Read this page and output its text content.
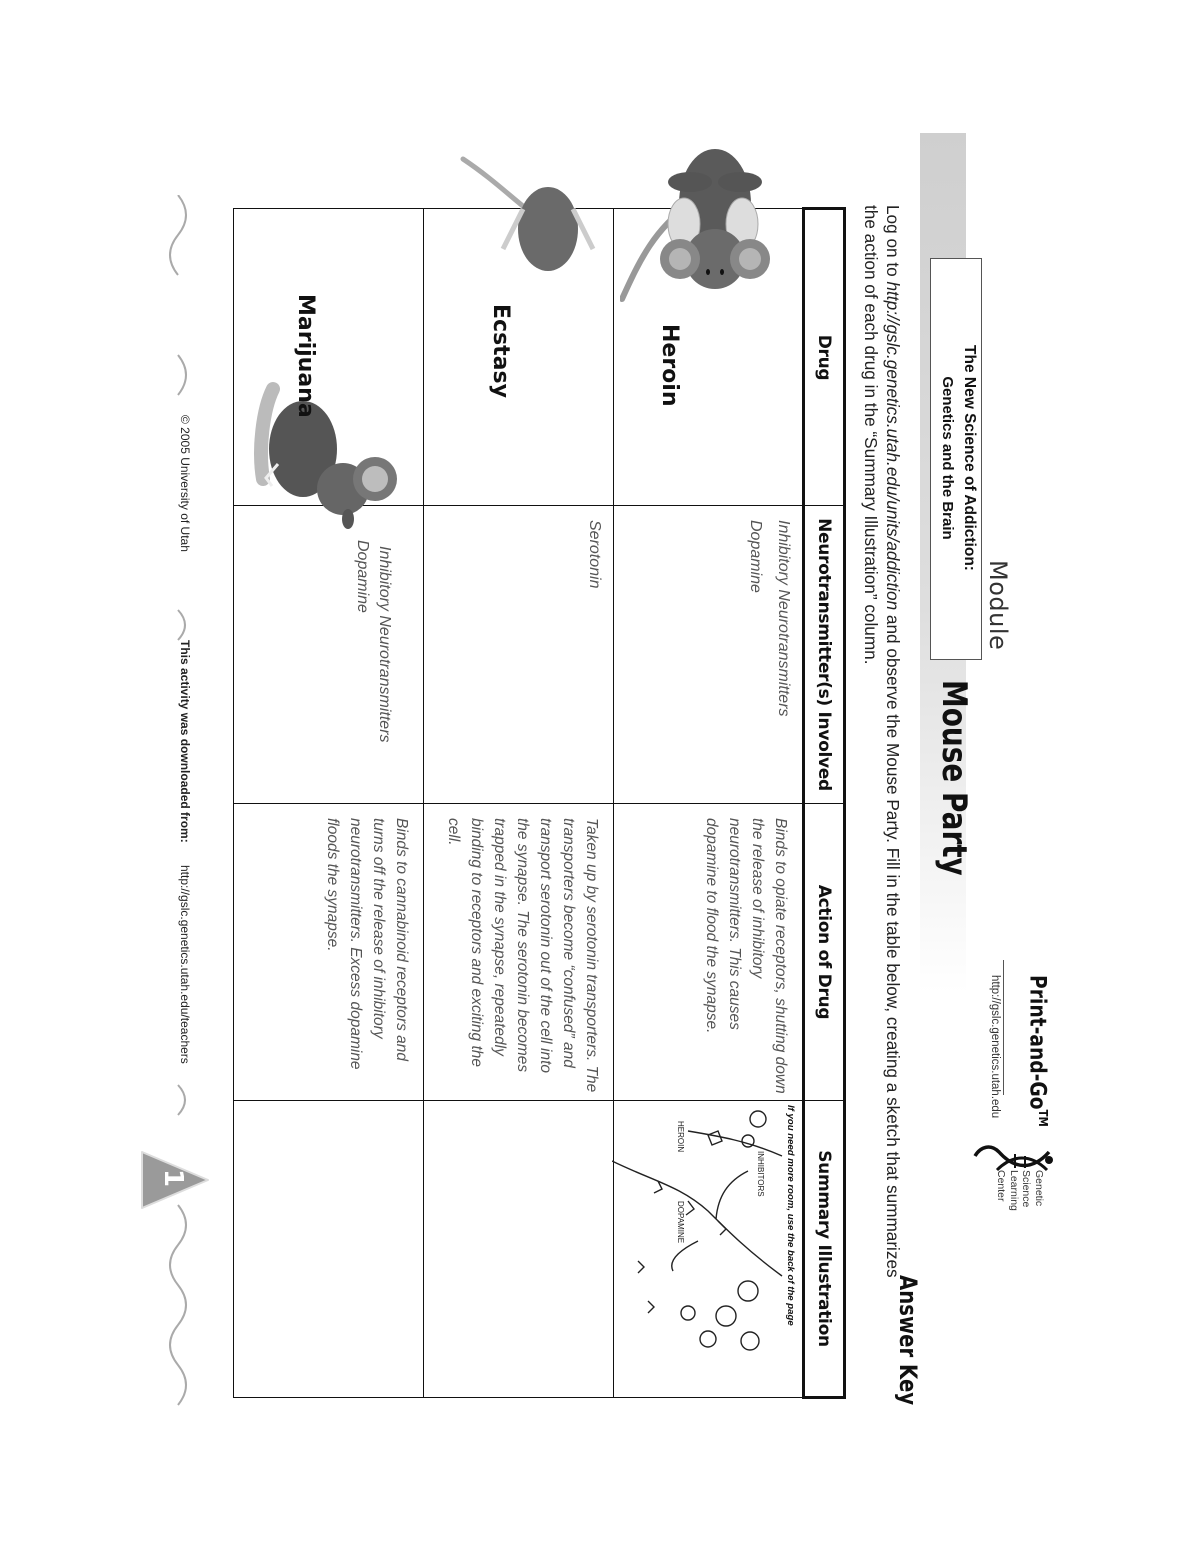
Module
The New Science of Addiction:
Genetics and the Brain
Mouse Party
Print-and-Go™
http://gslc.genetics.utah.edu
Genetic
Science
Learning
Center
Answer Key
Log on to http://gslc.genetics.utah.edu/units/addiction and observe the Mouse Party. Fill in the table below, creating a sketch that summarizes the action of each drug in the “Summary Illustration” column.
Drug	Neurotransmitter(s) Involved	Action of Drug	Summary Illustration

Heroin	Inhibitory Neurotransmitters
Dopamine	Binds to opiate receptors, shutting down the release of inhibitory neurotransmitters. This causes dopamine to flood the synapse.	If you need more room, use the back of the page
INHIBITORS
DOPAMINE
HEROIN

Ecstasy	Serotonin	Taken up by serotonin transporters. The transporters become “confused” and transport serotonin out of the cell into the synapse. The serotonin becomes trapped in the synapse, repeatedly binding to receptors and exciting the cell.	

Marijuana	Inhibitory Neurotransmitters
Dopamine	Binds to cannabinoid receptors and turns off the release of inhibitory neurotransmitters. Excess dopamine floods the synapse.	

© 2005 University of Utah
This activity was downloaded from:
http://gslc.genetics.utah.edu/teachers
1
